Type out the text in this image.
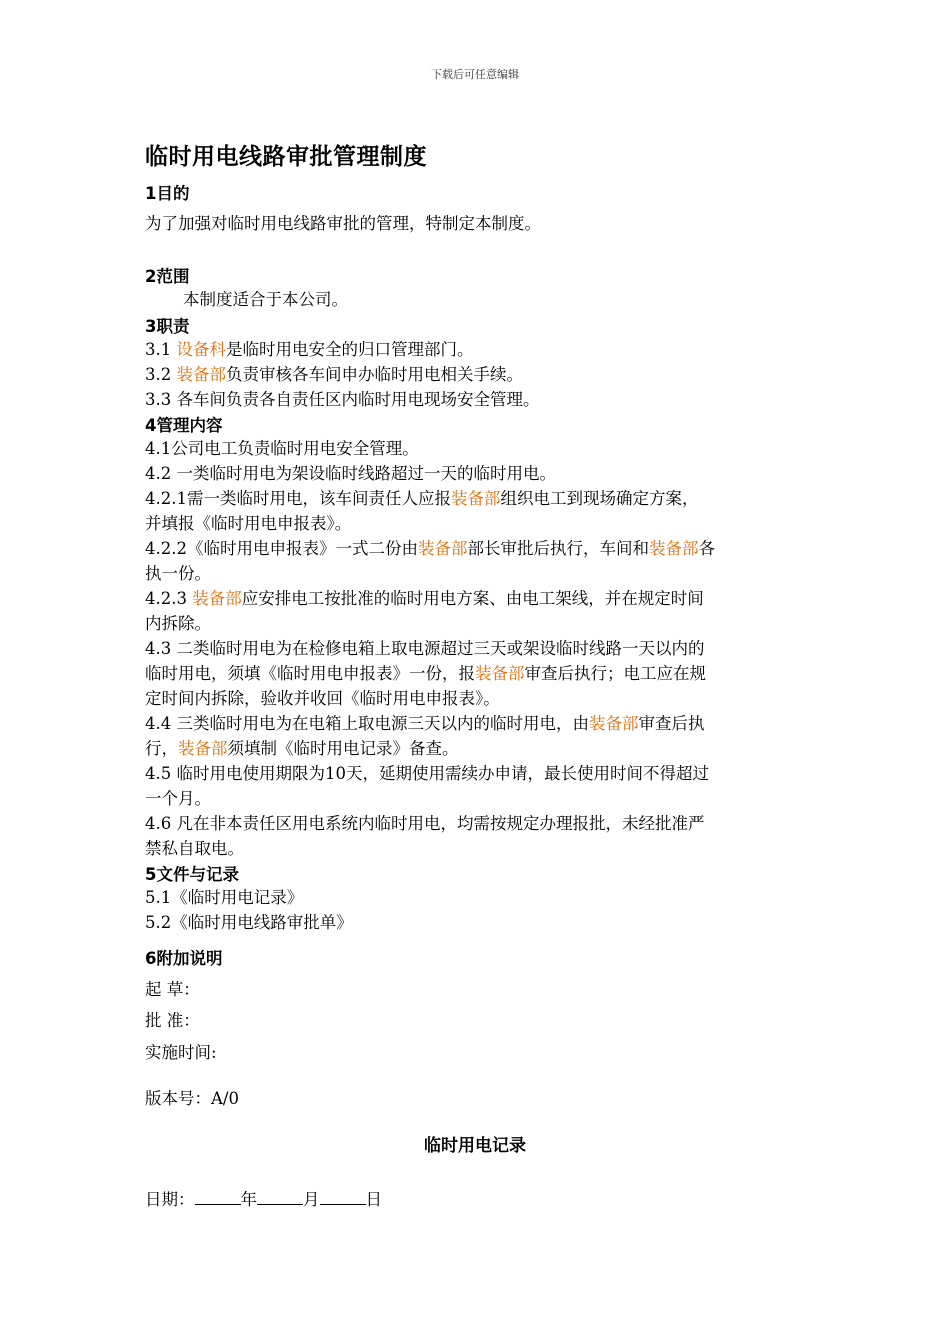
下载后可任意编辑
临时用电线路审批管理制度
1目的
为了加强对临时用电线路审批的管理，特制定本制度。
2范围
本制度适合于本公司。
3职责
3.1 设备科是临时用电安全的归口管理部门。
3.2 装备部负责审核各车间申办临时用电相关手续。
3.3 各车间负责各自责任区内临时用电现场安全管理。
4管理内容
4.1公司电工负责临时用电安全管理。
4.2 一类临时用电为架设临时线路超过一天的临时用电。
4.2.1需一类临时用电，该车间责任人应报装备部组织电工到现场确定方案，
并填报《临时用电申报表》。
4.2.2《临时用电申报表》一式二份由装备部部长审批后执行，车间和装备部各
执一份。
4.2.3 装备部应安排电工按批准的临时用电方案、由电工架线，并在规定时间
内拆除。
4.3 二类临时用电为在检修电箱上取电源超过三天或架设临时线路一天以内的
临时用电，须填《临时用电申报表》一份，报装备部审查后执行；电工应在规
定时间内拆除，验收并收回《临时用电申报表》。
4.4 三类临时用电为在电箱上取电源三天以内的临时用电，由装备部审查后执
行，装备部须填制《临时用电记录》备查。
4.5 临时用电使用期限为10天，延期使用需续办申请，最长使用时间不得超过
一个月。
4.6 凡在非本责任区用电系统内临时用电，均需按规定办理报批，未经批准严
禁私自取电。
5文件与记录
5.1《临时用电记录》
5.2《临时用电线路审批单》
6附加说明
起 草：
批 准：
实施时间:
版本号：A/0
临时用电记录
日期：	年	月	日
